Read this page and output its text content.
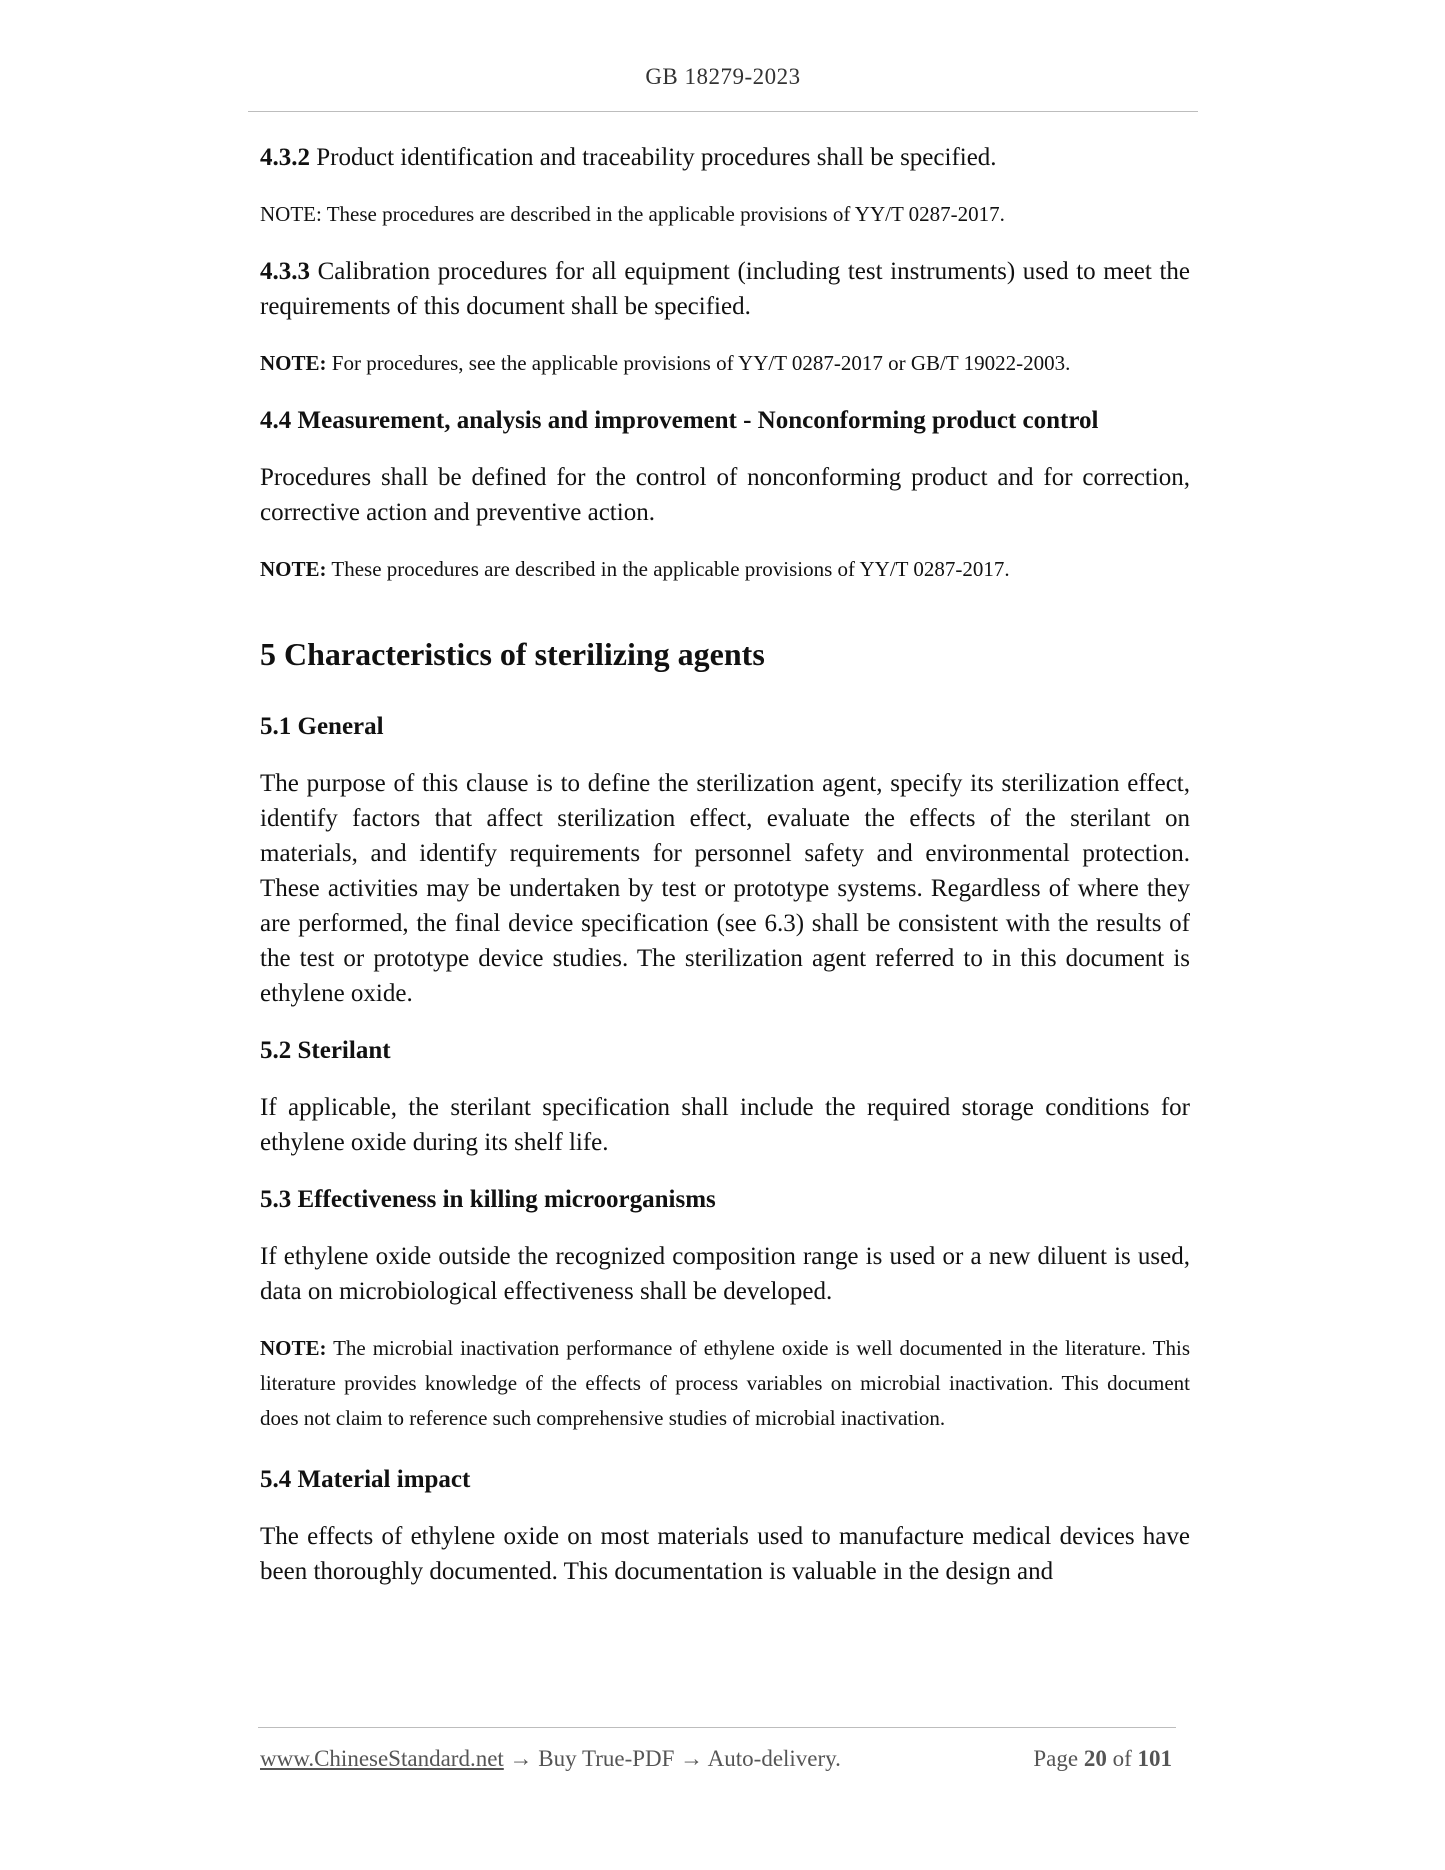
GB 18279-2023

4.3.2 Product identification and traceability procedures shall be specified.

NOTE: These procedures are described in the applicable provisions of YY/T 0287-2017.

4.3.3 Calibration procedures for all equipment (including test instruments) used to meet the requirements of this document shall be specified.

NOTE: For procedures, see the applicable provisions of YY/T 0287-2017 or GB/T 19022-2003.

4.4 Measurement, analysis and improvement - Nonconforming product control

Procedures shall be defined for the control of nonconforming product and for correction, corrective action and preventive action.

NOTE: These procedures are described in the applicable provisions of YY/T 0287-2017.

5 Characteristics of sterilizing agents

5.1 General

The purpose of this clause is to define the sterilization agent, specify its sterilization effect, identify factors that affect sterilization effect, evaluate the effects of the sterilant on materials, and identify requirements for personnel safety and environmental protection. These activities may be undertaken by test or prototype systems. Regardless of where they are performed, the final device specification (see 6.3) shall be consistent with the results of the test or prototype device studies. The sterilization agent referred to in this document is ethylene oxide.

5.2 Sterilant

If applicable, the sterilant specification shall include the required storage conditions for ethylene oxide during its shelf life.

5.3 Effectiveness in killing microorganisms

If ethylene oxide outside the recognized composition range is used or a new diluent is used, data on microbiological effectiveness shall be developed.

NOTE: The microbial inactivation performance of ethylene oxide is well documented in the literature. This literature provides knowledge of the effects of process variables on microbial inactivation. This document does not claim to reference such comprehensive studies of microbial inactivation.

5.4 Material impact

The effects of ethylene oxide on most materials used to manufacture medical devices have been thoroughly documented. This documentation is valuable in the design and

www.ChineseStandard.net → Buy True-PDF → Auto-delivery.	Page 20 of 101
